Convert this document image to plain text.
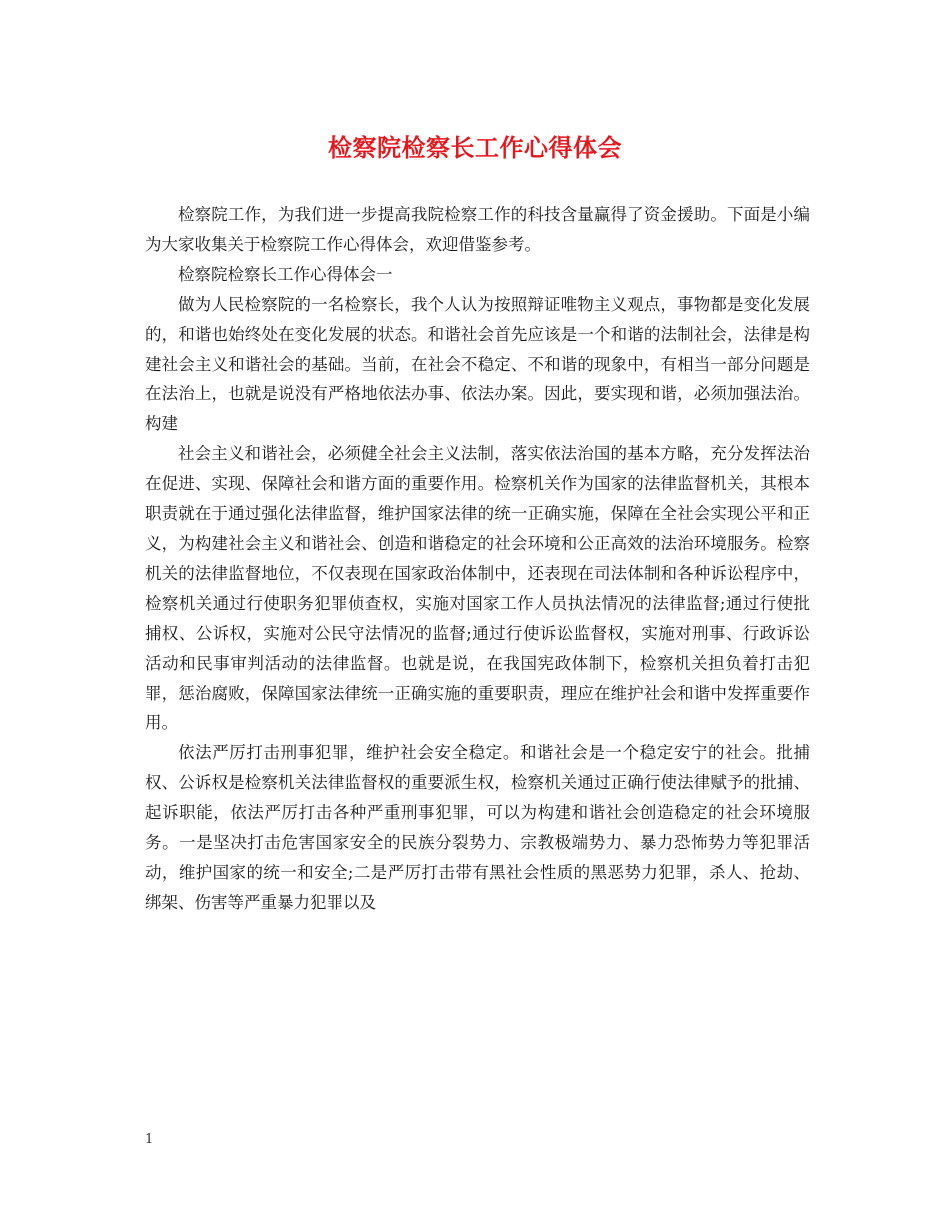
检察院检察长工作心得体会

检察院工作，为我们进一步提高我院检察工作的科技含量赢得了资金援助。下面是小编为大家收集关于检察院工作心得体会，欢迎借鉴参考。

检察院检察长工作心得体会一

做为人民检察院的一名检察长，我个人认为按照辩证唯物主义观点，事物都是变化发展的，和谐也始终处在变化发展的状态。和谐社会首先应该是一个和谐的法制社会，法律是构建社会主义和谐社会的基础。当前，在社会不稳定、不和谐的现象中，有相当一部分问题是在法治上，也就是说没有严格地依法办事、依法办案。因此，要实现和谐，必须加强法治。构建

社会主义和谐社会，必须健全社会主义法制，落实依法治国的基本方略，充分发挥法治在促进、实现、保障社会和谐方面的重要作用。检察机关作为国家的法律监督机关，其根本职责就在于通过强化法律监督，维护国家法律的统一正确实施，保障在全社会实现公平和正义，为构建社会主义和谐社会、创造和谐稳定的社会环境和公正高效的法治环境服务。检察机关的法律监督地位，不仅表现在国家政治体制中，还表现在司法体制和各种诉讼程序中，检察机关通过行使职务犯罪侦查权，实施对国家工作人员执法情况的法律监督;通过行使批捕权、公诉权，实施对公民守法情况的监督;通过行使诉讼监督权，实施对刑事、行政诉讼活动和民事审判活动的法律监督。也就是说，在我国宪政体制下，检察机关担负着打击犯罪，惩治腐败，保障国家法律统一正确实施的重要职责，理应在维护社会和谐中发挥重要作用。

依法严厉打击刑事犯罪，维护社会安全稳定。和谐社会是一个稳定安宁的社会。批捕权、公诉权是检察机关法律监督权的重要派生权，检察机关通过正确行使法律赋予的批捕、起诉职能，依法严厉打击各种严重刑事犯罪，可以为构建和谐社会创造稳定的社会环境服务。一是坚决打击危害国家安全的民族分裂势力、宗教极端势力、暴力恐怖势力等犯罪活动，维护国家的统一和安全;二是严厉打击带有黑社会性质的黑恶势力犯罪，杀人、抢劫、绑架、伤害等严重暴力犯罪以及

1
